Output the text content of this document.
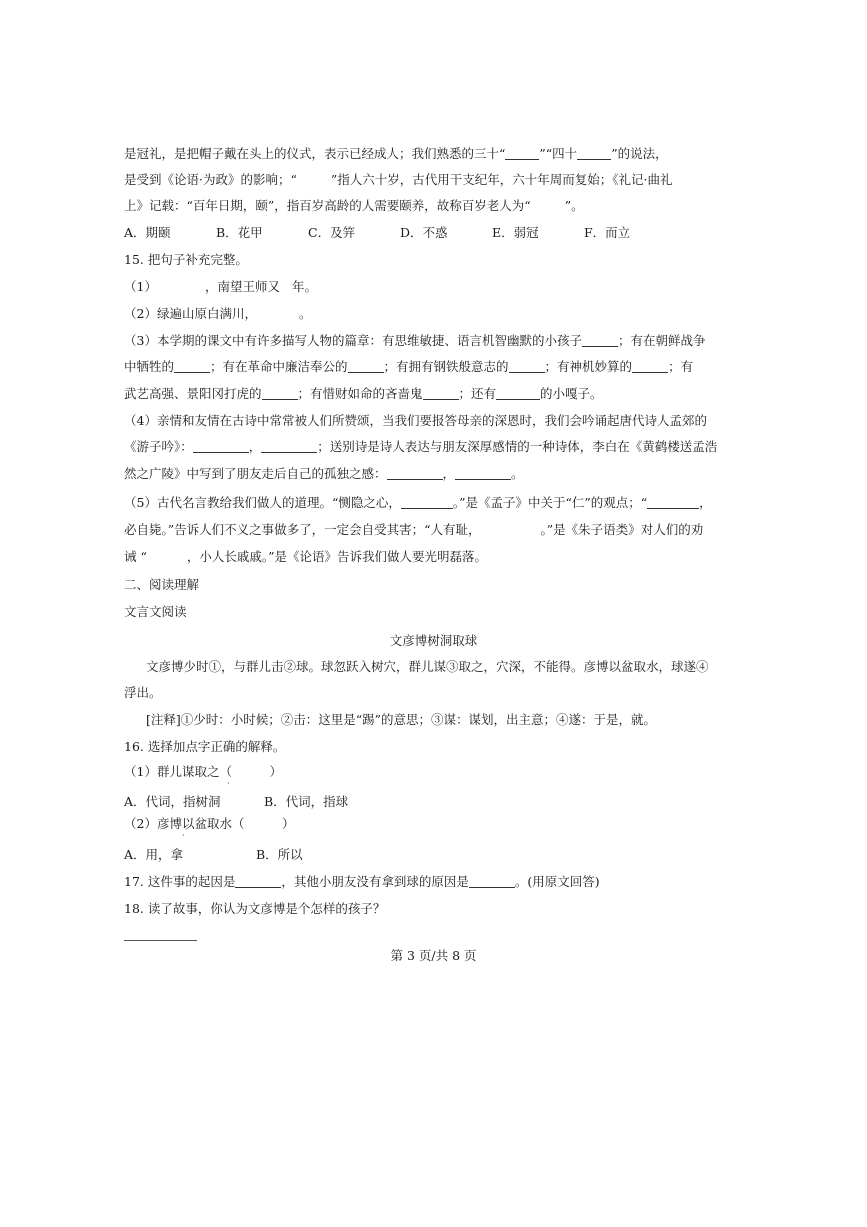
是冠礼，是把帽子戴在头上的仪式，表示已经成人；我们熟悉的三十“	”“四十	”的说法，
是受到《论语·为政》的影响；“	”指人六十岁，古代用干支纪年，六十年周而复始；《礼记·曲礼
上》记载：“百年日期，颐”，指百岁高龄的人需要颐养，故称百岁老人为“	”。
A．期颐	B．花甲	C．及笄	D．不惑	E．弱冠	F．而立
15. 把句子补充完整。
（1）	，南望王师又 年。
（2）绿遍山原白满川，	。
（3）本学期的课文中有许多描写人物的篇章：有思维敏捷、语言机智幽默的小孩子	；有在朝鲜战争
中牺牲的	；有在革命中廉洁奉公的	；有拥有钢铁般意志的	；有神机妙算的	；有
武艺高强、景阳冈打虎的	；有惜财如命的吝啬鬼	；还有	的小嘎子。
（4）亲情和友情在古诗中常常被人们所赞颂，当我们要报答母亲的深恩时，我们会吟诵起唐代诗人孟郊的
《游子吟》：	，	；送别诗是诗人表达与朋友深厚感情的一种诗体，李白在《黄鹤楼送孟浩
然之广陵》中写到了朋友走后自己的孤独之感：	，	。
（5）古代名言教给我们做人的道理。“恻隐之心，	。”是《孟子》中关于“仁”的观点；“	，
必自毙。”告诉人们不义之事做多了，一定会自受其害；“人有耻，	。”是《朱子语类》对人们的劝
诫 “	，小人长戚戚。”是《论语》告诉我们做人要光明磊落。
二、阅读理解
文言文阅读
文彦博树洞取球
文彦博少时①，与群儿击②球。球忽跃入树穴，群儿谋③取之，穴深，不能得。彦博以盆取水，球遂④
浮出。
[注释]①少时：小时候；②击：这里是“踢”的意思；③谋：谋划，出主意；④遂：于是，就。
16. 选择加点字正确的解释。
（1）群儿谋取之（　　　）
·
A．代词，指树洞	B．代词，指球
（2）彦博以盆取水（　　　）
·
A．用，拿	B．所以
17. 这件事的起因是	，其他小朋友没有拿到球的原因是	。(用原文回答)
18. 读了故事，你认为文彦博是个怎样的孩子？
第 3 页/共 8 页
